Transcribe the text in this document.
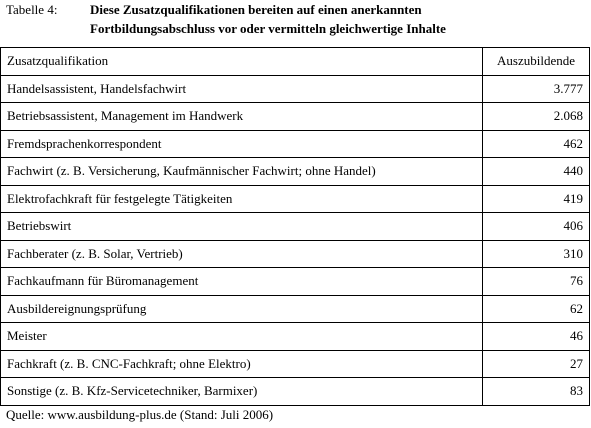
Tabelle 4:	Diese Zusatzqualifikationen bereiten auf einen anerkannten
Fortbildungsabschluss vor oder vermitteln gleichwertige Inhalte
Zusatzqualifikation	Auszubildende
Handelsassistent, Handelsfachwirt	3.777
Betriebsassistent, Management im Handwerk	2.068
Fremdsprachenkorrespondent	462
Fachwirt (z. B. Versicherung, Kaufmännischer Fachwirt; ohne Handel)	440
Elektrofachkraft für festgelegte Tätigkeiten	419
Betriebswirt	406
Fachberater (z. B. Solar, Vertrieb)	310
Fachkaufmann für Büromanagement	76
Ausbildereignungsprüfung	62
Meister	46
Fachkraft (z. B. CNC-Fachkraft; ohne Elektro)	27
Sonstige (z. B. Kfz-Servicetechniker, Barmixer)	83
Quelle: www.ausbildung-plus.de (Stand: Juli 2006)
